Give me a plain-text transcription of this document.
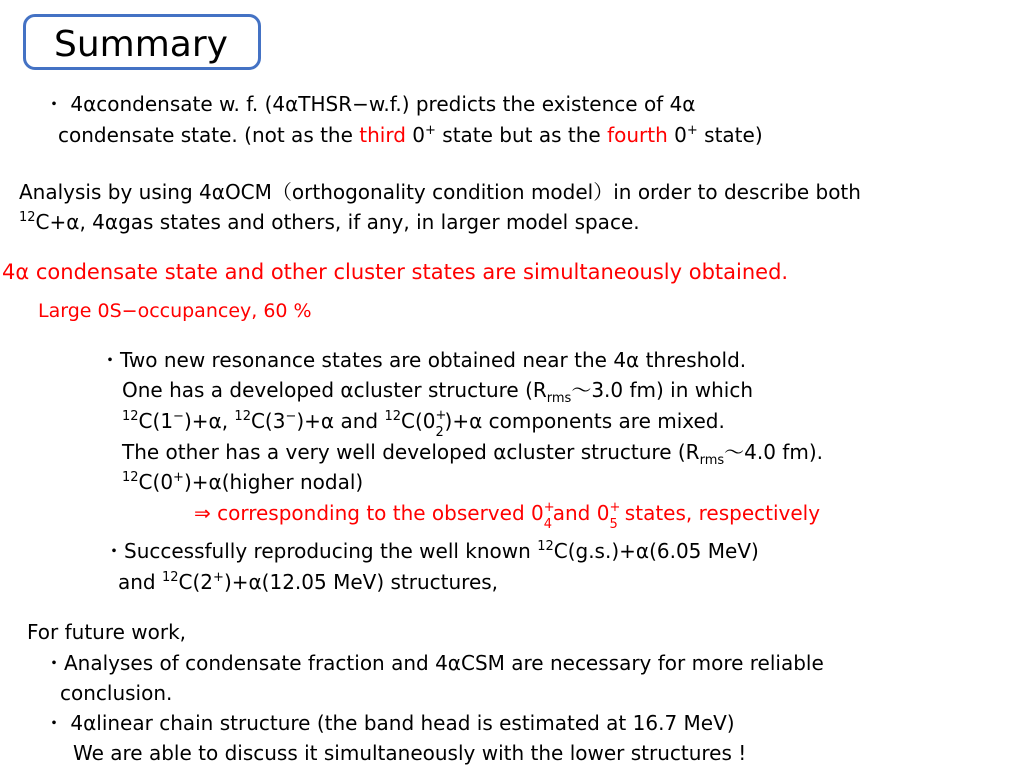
Summary
・ 4αcondensate w. f. (4αTHSR−w.f.) predicts the existence of 4α
condensate state. (not as the third 0+ state but as the fourth 0+ state)
Analysis by using 4αOCM（orthogonality condition model）in order to describe both
$^{12}$C+α, 4αgas states and others, if any, in larger model space.
4α condensate state and other cluster states are simultaneously obtained.
Large 0S−occupancey, 60 %
・Two new resonance states are obtained near the 4α threshold.
One has a developed αcluster structure ($R_{rms}\sim 3.0$ fm) in which
$^{12}$C(1−)+α, $^{12}$C(3−)+α and $^{12}$C(0 +
2 )+α components are mixed.
The other has a very well developed αcluster structure ($R_{rms}\sim 4.0$ fm).
$^{12}$C(0+)+α(higher nodal)
⇒ corresponding to the observed 0 +
4 and 0 +
5 states, respectively
・Successfully reproducing the well known $^{12}$C(g.s.)+α(6.05 MeV)
and $^{12}$C(2+)+α(12.05 MeV) structures,
For future work,
・Analyses of condensate fraction and 4αCSM are necessary for more reliable
conclusion.
・ 4αlinear chain structure (the band head is estimated at 16.7 MeV)
We are able to discuss it simultaneously with the lower structures !
